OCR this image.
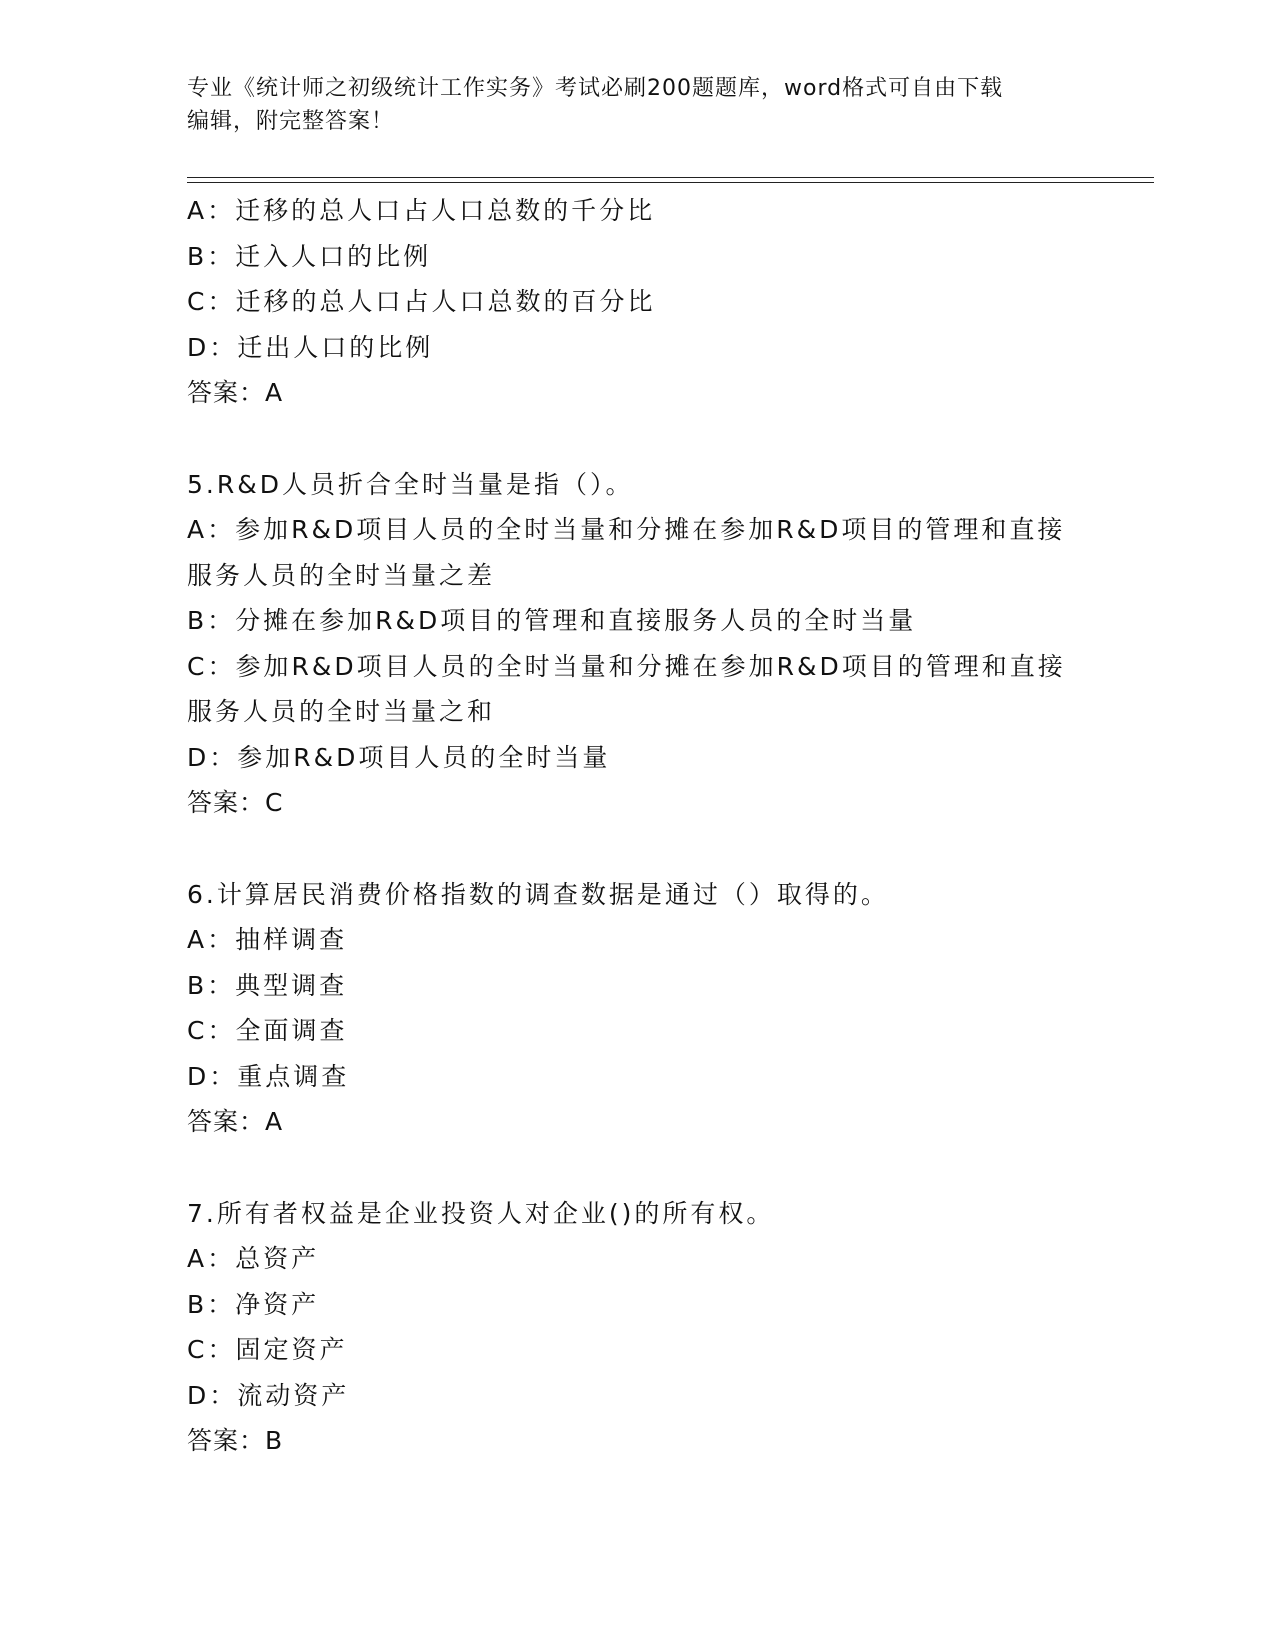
专业《统计师之初级统计工作实务》考试必刷200题题库，word格式可自由下载
编辑，附完整答案！
A：迁移的总人口占人口总数的千分比
B：迁入人口的比例
C：迁移的总人口占人口总数的百分比
D：迁出人口的比例
答案：A
5.R&D人员折合全时当量是指（）。
A：参加R&D项目人员的全时当量和分摊在参加R&D项目的管理和直接
服务人员的全时当量之差
B：分摊在参加R&D项目的管理和直接服务人员的全时当量
C：参加R&D项目人员的全时当量和分摊在参加R&D项目的管理和直接
服务人员的全时当量之和
D：参加R&D项目人员的全时当量
答案：C
6.计算居民消费价格指数的调查数据是通过（）取得的。
A：抽样调查
B：典型调查
C：全面调查
D：重点调查
答案：A
7.所有者权益是企业投资人对企业()的所有权。
A：总资产
B：净资产
C：固定资产
D：流动资产
答案：B
